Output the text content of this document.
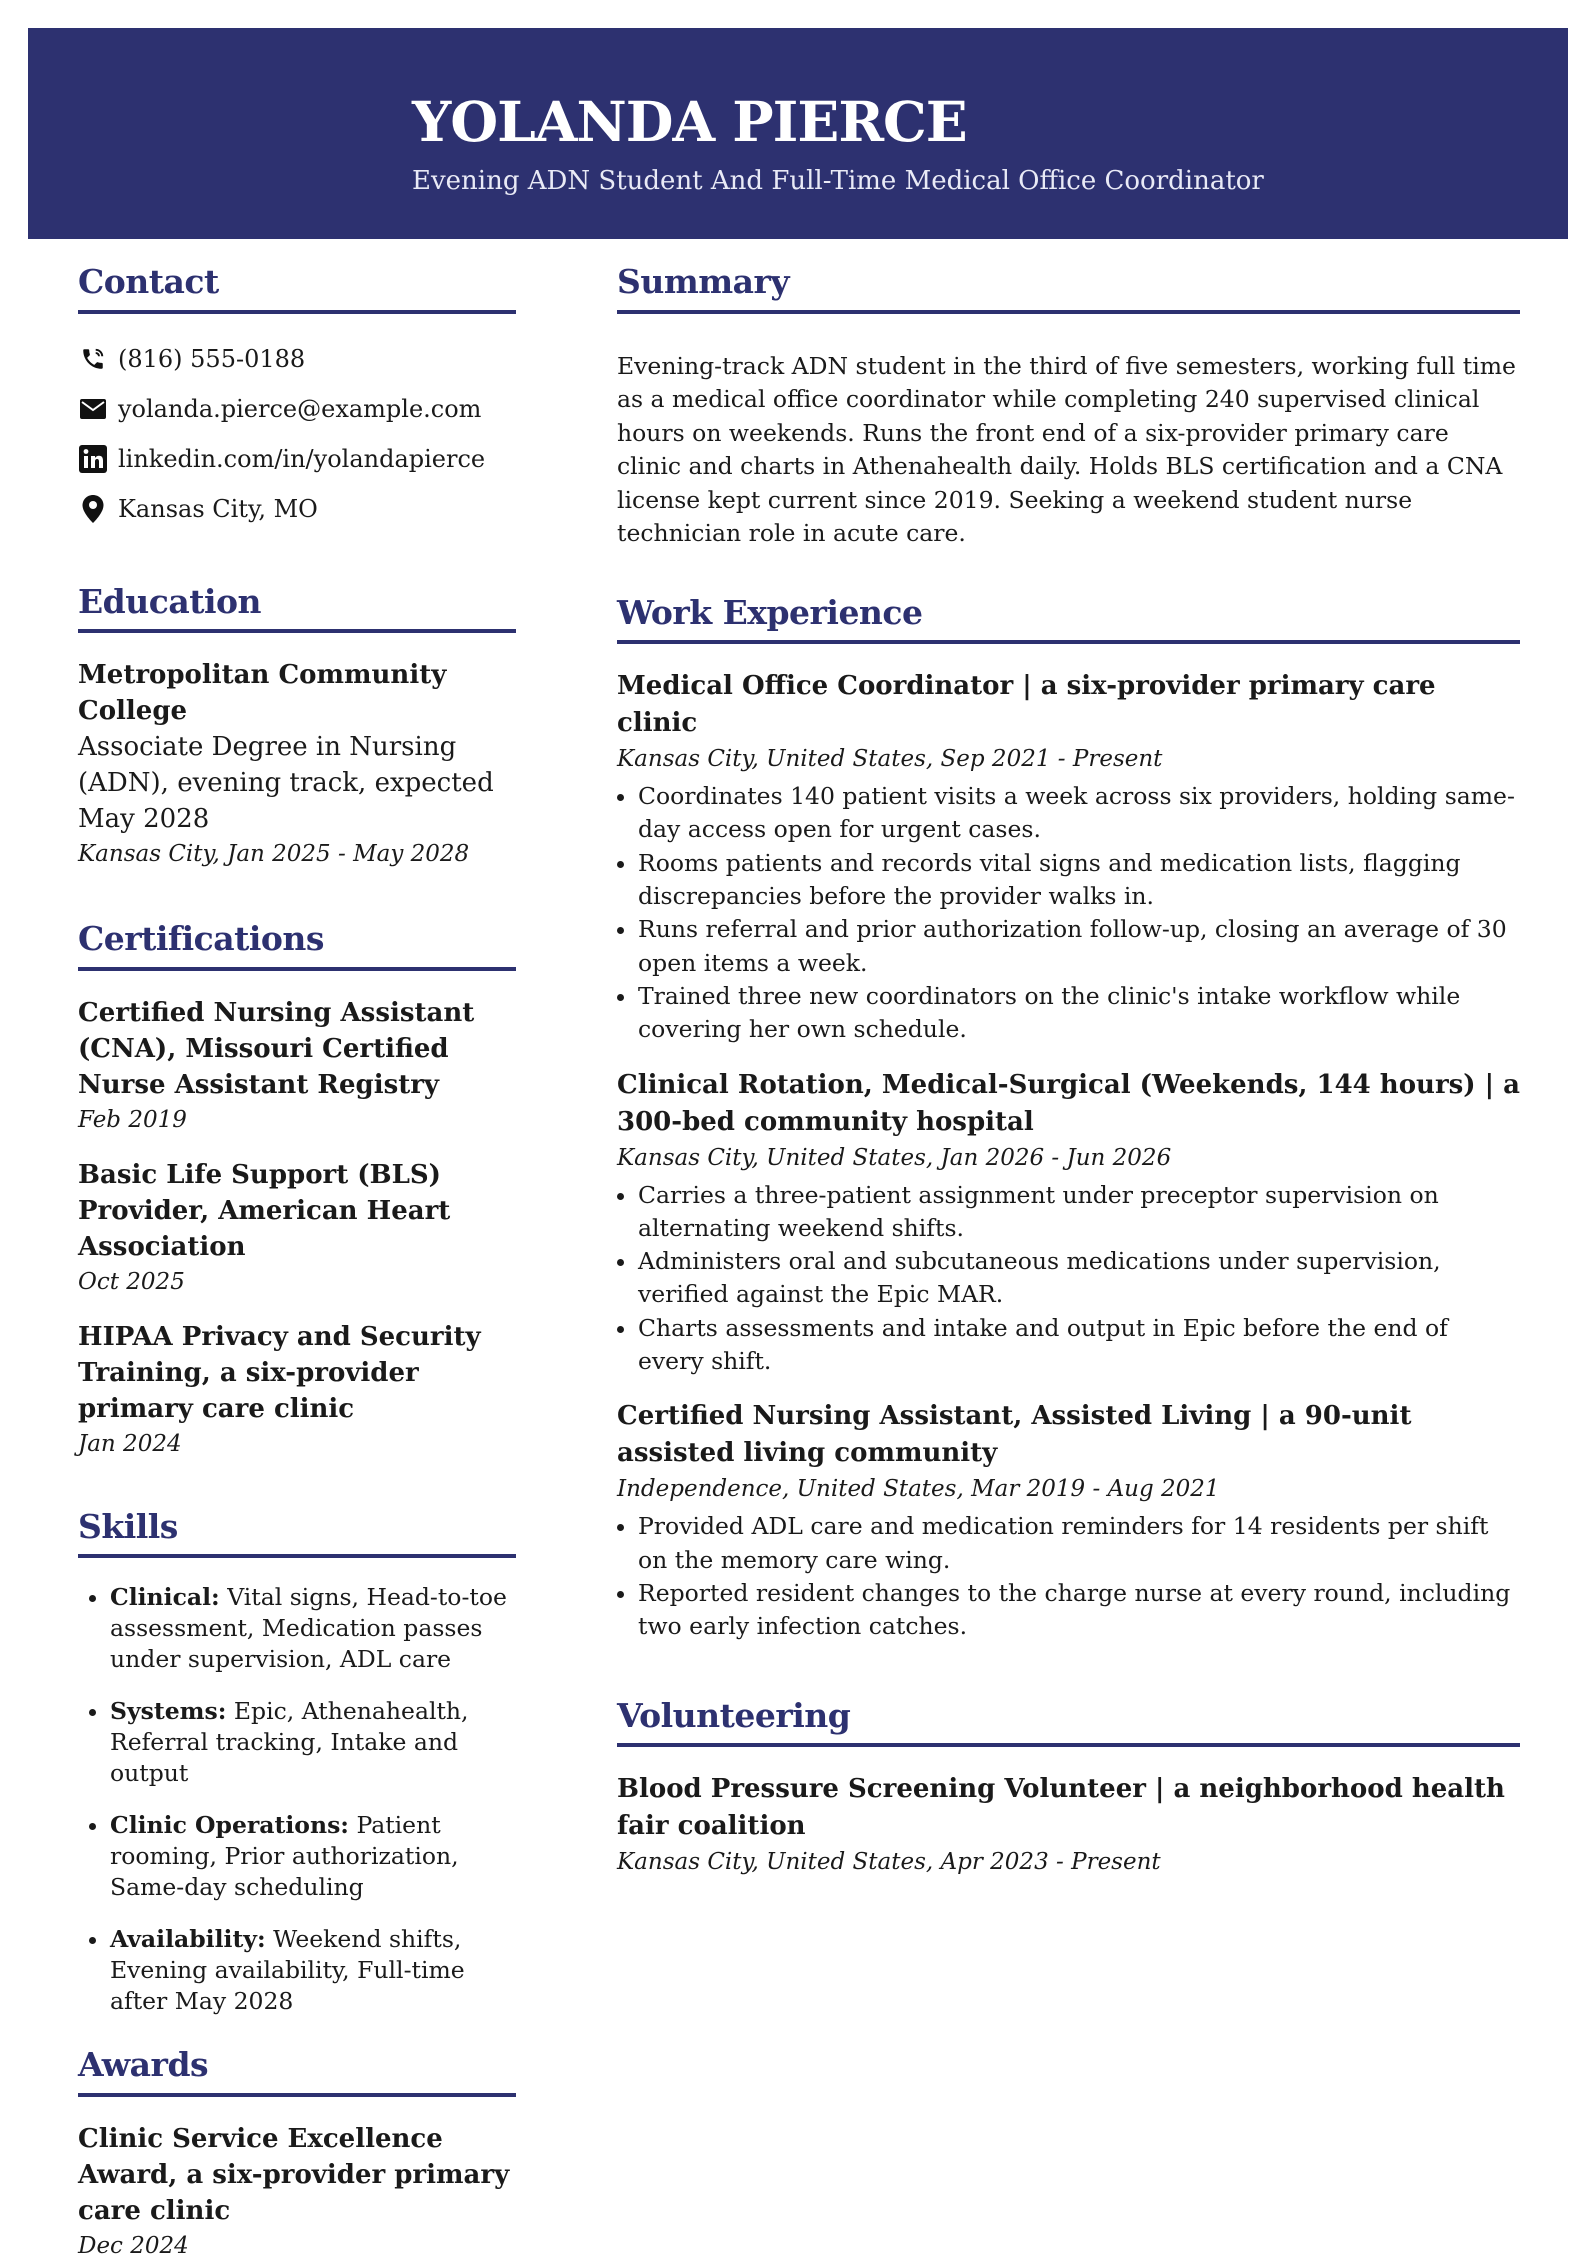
YOLANDA PIERCE

Evening ADN Student And Full-Time Medical Office Coordinator

Contact
(816) 555-0188
yolanda.pierce@example.com
linkedin.com/in/yolandapierce
Kansas City, MO
Education
Metropolitan Community College
Associate Degree in Nursing (ADN), evening track, expected May 2028
Kansas City, Jan 2025 - May 2028
Certifications
Certified Nursing Assistant (CNA), Missouri Certified Nurse Assistant Registry
Feb 2019
Basic Life Support (BLS) Provider, American Heart Association
Oct 2025
HIPAA Privacy and Security Training, a six-provider primary care clinic
Jan 2024
Skills
• Clinical: Vital signs, Head-to-toe assessment, Medication passes under supervision, ADL care
• Systems: Epic, Athenahealth, Referral tracking, Intake and output
• Clinic Operations: Patient rooming, Prior authorization, Same-day scheduling
• Availability: Weekend shifts, Evening availability, Full-time after May 2028
Awards
Clinic Service Excellence Award, a six-provider primary care clinic
Dec 2024
Summary

Evening-track ADN student in the third of five semesters, working full time as a medical office coordinator while completing 240 supervised clinical hours on weekends. Runs the front end of a six-provider primary care clinic and charts in Athenahealth daily. Holds BLS certification and a CNA license kept current since 2019. Seeking a weekend student nurse technician role in acute care.

Work Experience
Medical Office Coordinator | a six-provider primary care clinic
Kansas City, United States, Sep 2021 - Present
• Coordinates 140 patient visits a week across six providers, holding same-day access open for urgent cases.
• Rooms patients and records vital signs and medication lists, flagging discrepancies before the provider walks in.
• Runs referral and prior authorization follow-up, closing an average of 30 open items a week.
• Trained three new coordinators on the clinic's intake workflow while covering her own schedule.
Clinical Rotation, Medical-Surgical (Weekends, 144 hours) | a 300-bed community hospital
Kansas City, United States, Jan 2026 - Jun 2026
• Carries a three-patient assignment under preceptor supervision on alternating weekend shifts.
• Administers oral and subcutaneous medications under supervision, verified against the Epic MAR.
• Charts assessments and intake and output in Epic before the end of every shift.
Certified Nursing Assistant, Assisted Living | a 90-unit assisted living community
Independence, United States, Mar 2019 - Aug 2021
• Provided ADL care and medication reminders for 14 residents per shift on the memory care wing.
• Reported resident changes to the charge nurse at every round, including two early infection catches.
Volunteering
Blood Pressure Screening Volunteer | a neighborhood health fair coalition
Kansas City, United States, Apr 2023 - Present
